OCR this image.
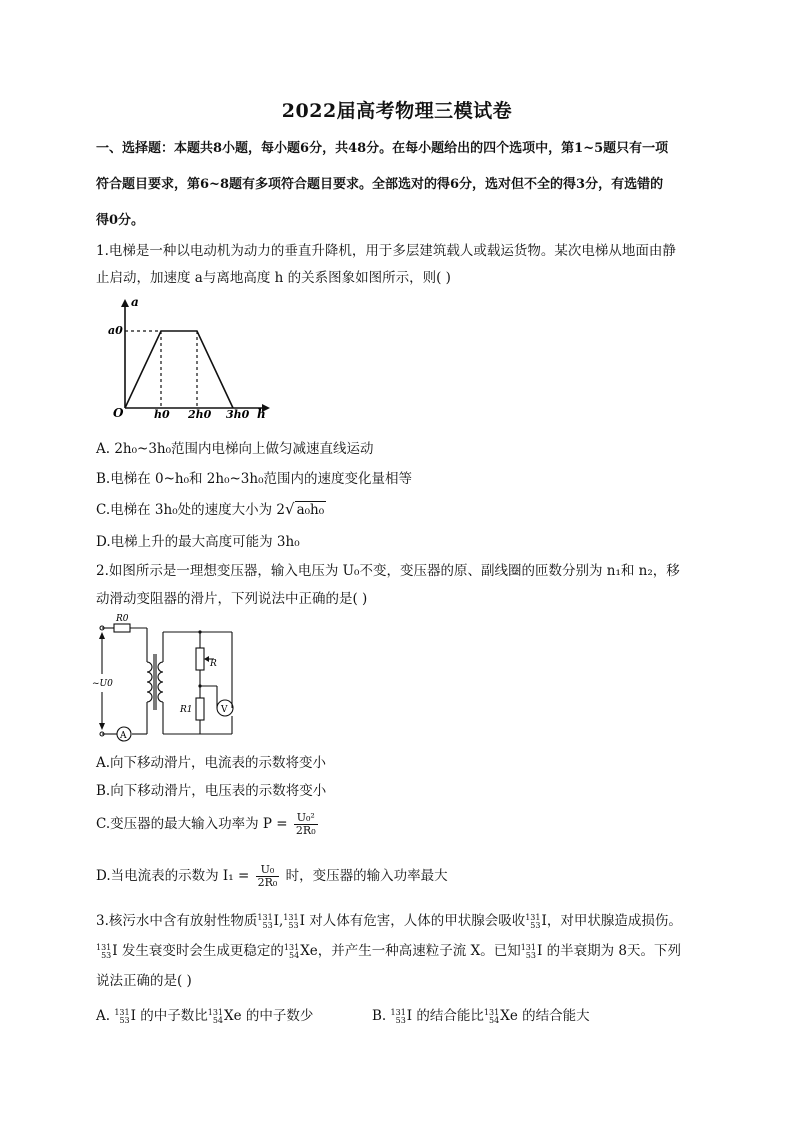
2022届高考物理三模试卷
一、选择题：本题共8小题，每小题6分，共48分。在每小题给出的四个选项中，第1~5题只有一项
符合题目要求，第6~8题有多项符合题目要求。全部选对的得6分，选对但不全的得3分，有选错的
得0分。
1.电梯是一种以电动机为动力的垂直升降机，用于多层建筑载人或载运货物。某次电梯从地面由静
止启动，加速度 a与离地高度 h 的关系图象如图所示，则( )
a
h
O
a0
h0 2h0 3h0
A. 2h₀~3h₀范围内电梯向上做匀减速直线运动
B.电梯在 0~h₀和 2h₀~3h₀范围内的速度变化量相等
C.电梯在 3h₀处的速度大小为 2√ a₀h₀
D.电梯上升的最大高度可能为 3h₀
2.如图所示是一理想变压器，输入电压为 U₀不变，变压器的原、副线圈的匝数分别为 n₁和 n₂，移
动滑动变阻器的滑片，下列说法中正确的是( )
R0
~U0
A
R
R1	V
A.向下移动滑片，电流表的示数将变小
B.向下移动滑片，电压表的示数将变小
C.变压器的最大输入功率为 $P = \frac{\text{U₀²}}{\text{2R₀}}$
D.当电流表的示数为 $I_1 = \frac{\text{U₀}}{\text{2R₀}}$ 时，变压器的输入功率最大
3.核污水中含有放射性物质 131
53 I, 131
53 I 对人体有危害，人体的甲状腺会吸收 131
53 I，对甲状腺造成损伤。
131
53 I 发生衰变时会生成更稳定的 131
54 Xe，并产生一种高速粒子流 X。已知 131
53 I 的半衰期为 8天。下列
说法正确的是( )
A. 131
53 I 的中子数比 131
54 Xe 的中子数少	B. 131
53 I 的结合能比 131
54 Xe 的结合能大
